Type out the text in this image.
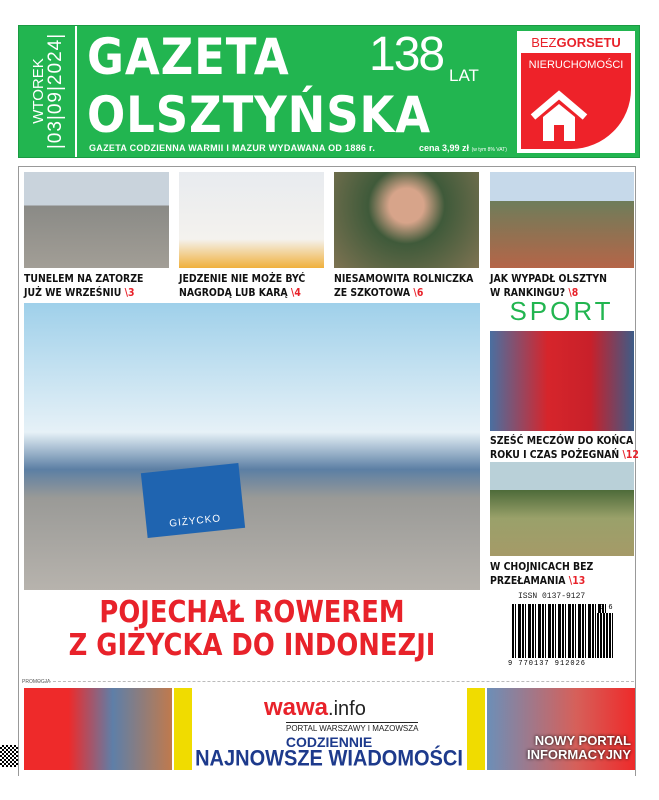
WTOREK
|03|09|2024| GAZETA
OLSZTYŃSKA
138 LAT
GAZETA CODZIENNA WARMII I MAZUR WYDAWANA OD 1886 r.	cena 3,99 zł (w tym 8% VAT)
BEZGORSETU
NIERUCHOMOŚCI
TUNELEM NA ZATORZE
JUŻ WE WRZEŚNIU \3
JEDZENIE NIE MOŻE BYĆ
NAGRODĄ LUB KARĄ \4
NIESAMOWITA ROLNICZKA
ZE SZKOTOWA \6
JAK WYPADŁ OLSZTYN
W RANKINGU? \8
GIŻYCKO
SPORT
SZEŚĆ MECZÓW DO KOŃCA
ROKU I CZAS POŻEGNAŃ \12
W CHOJNICACH BEZ
PRZEŁAMANIA \13
POJECHAŁ ROWEREM
Z GIŻYCKA DO INDONEZJI
ISSN 0137-9127
3 6
9 770137 912026
PROMOCJA
wawa.info
PORTAL WARSZAWY I MAZOWSZA
CODZIENNIE
NAJNOWSZE WIADOMOŚCI
NOWY PORTAL
INFORMACYJNY
